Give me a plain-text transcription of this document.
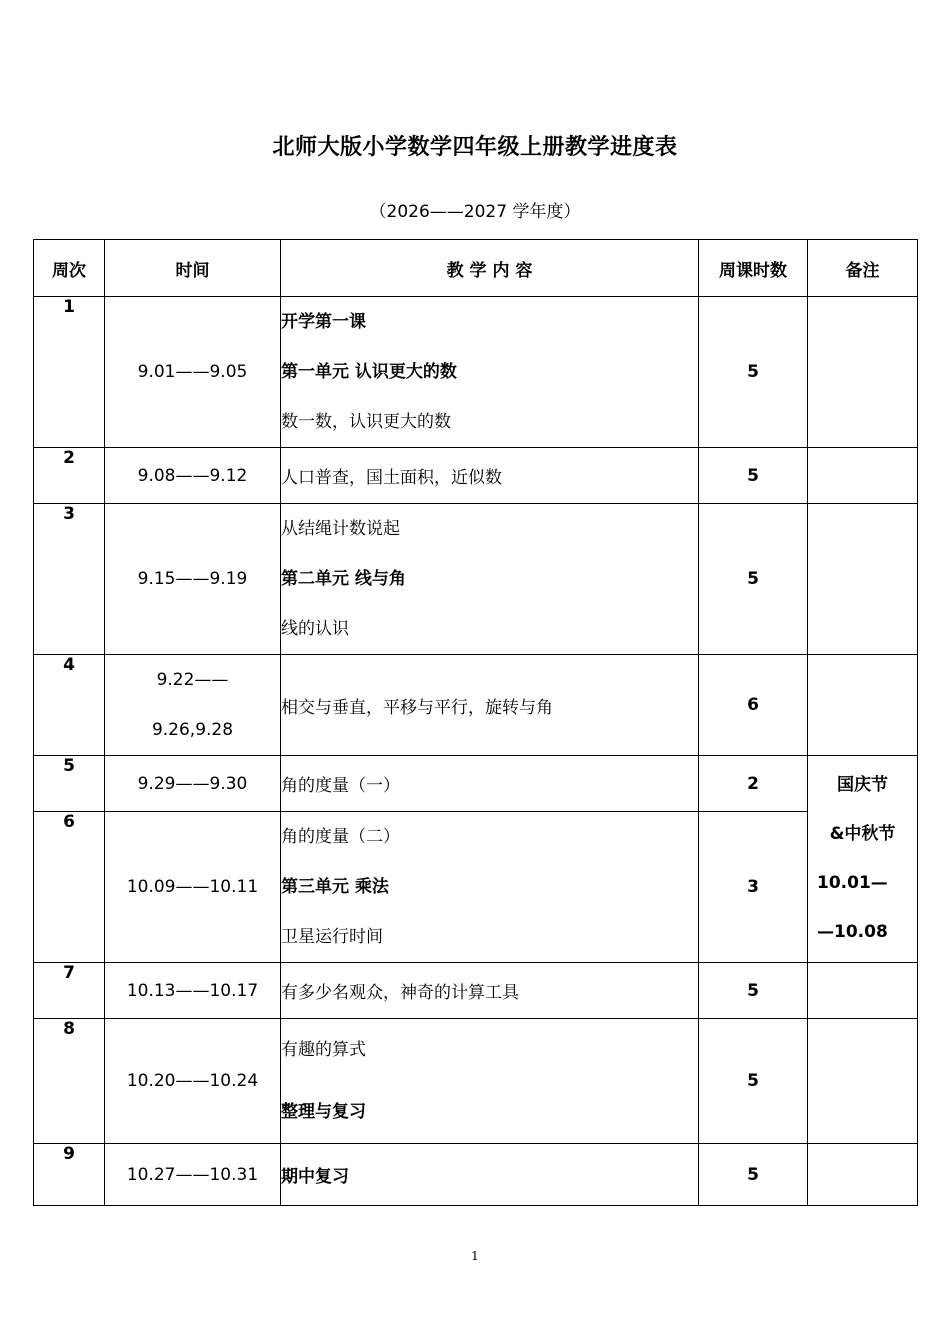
北师大版小学数学四年级上册教学进度表
（2026——2027 学年度）
周次	时间	教 学 内 容	周课时数	备注
1	9.01——9.05	开学第一课
第一单元 认识更大的数
数一数，认识更大的数	5	
2	9.08——9.12	人口普查，国土面积，近似数	5	
3	9.15——9.19	从结绳计数说起
第二单元 线与角
线的认识	5	
4	9.22——
9.26,9.28	相交与垂直，平移与平行，旋转与角	6	
5	9.29——9.30	角的度量（一）	2	国庆节
&中秋节
10.01—
—10.08

6	10.09——10.11	角的度量（二）
第三单元 乘法
卫星运行时间	3	
7	10.13——10.17	有多少名观众，神奇的计算工具	5	
8	10.20——10.24	有趣的算式
整理与复习	5	
9	10.27——10.31	期中复习	5	
1
